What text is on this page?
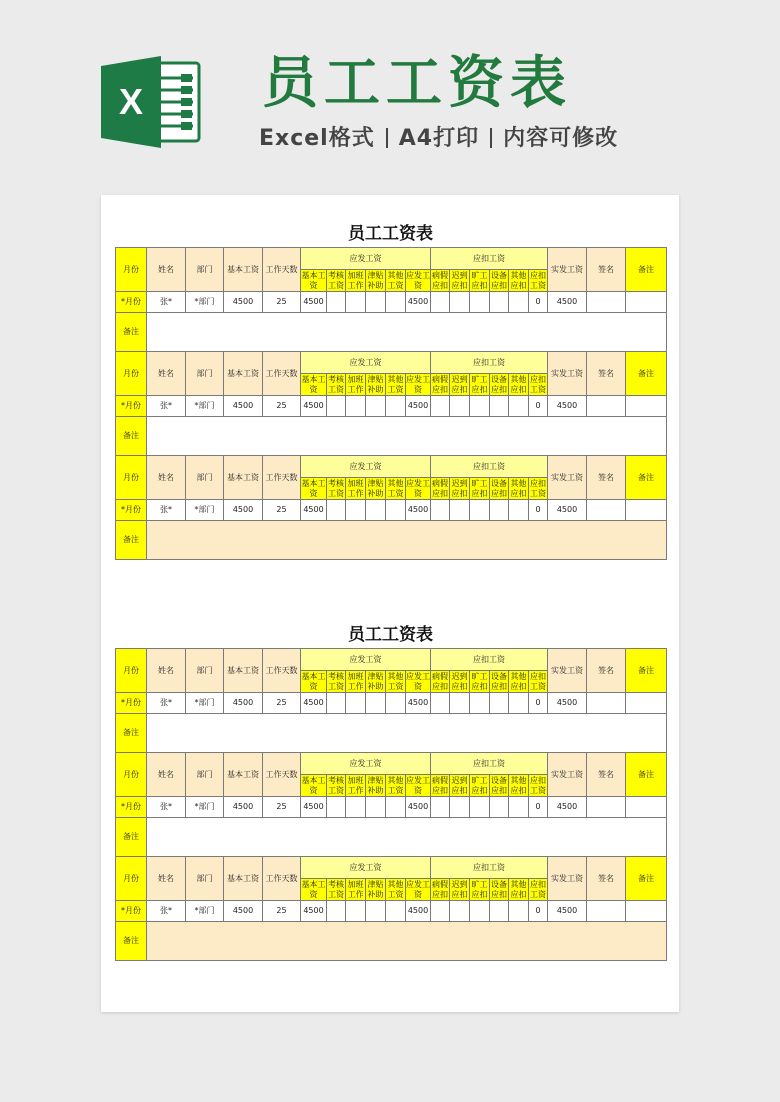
X 员工工资表
Excel格式 A4打印 内容可修改
员工工资表
月份	姓名	部门	基本工资	工作天数	应发工资						应扣工资						实发工资	签名	备注
					基本工资	考核工资	加班工作	津贴补助	其他工资	应发工资	病假应扣	迟到应扣	旷工应扣	设备应扣	其他应扣	应扣工资			
*月份	张*	*部门	4500	25	4500					4500						0	4500		
备注																			
月份	姓名	部门	基本工资	工作天数	应发工资						应扣工资						实发工资	签名	备注
					基本工资	考核工资	加班工作	津贴补助	其他工资	应发工资	病假应扣	迟到应扣	旷工应扣	设备应扣	其他应扣	应扣工资			
*月份	张*	*部门	4500	25	4500					4500						0	4500		
备注																			
月份	姓名	部门	基本工资	工作天数	应发工资						应扣工资						实发工资	签名	备注
					基本工资	考核工资	加班工作	津贴补助	其他工资	应发工资	病假应扣	迟到应扣	旷工应扣	设备应扣	其他应扣	应扣工资			
*月份	张*	*部门	4500	25	4500					4500						0	4500		
备注																			
员工工资表
月份	姓名	部门	基本工资	工作天数	应发工资						应扣工资						实发工资	签名	备注
					基本工资	考核工资	加班工作	津贴补助	其他工资	应发工资	病假应扣	迟到应扣	旷工应扣	设备应扣	其他应扣	应扣工资			
*月份	张*	*部门	4500	25	4500					4500						0	4500		
备注																			
月份	姓名	部门	基本工资	工作天数	应发工资						应扣工资						实发工资	签名	备注
					基本工资	考核工资	加班工作	津贴补助	其他工资	应发工资	病假应扣	迟到应扣	旷工应扣	设备应扣	其他应扣	应扣工资			
*月份	张*	*部门	4500	25	4500					4500						0	4500		
备注																			
月份	姓名	部门	基本工资	工作天数	应发工资						应扣工资						实发工资	签名	备注
					基本工资	考核工资	加班工作	津贴补助	其他工资	应发工资	病假应扣	迟到应扣	旷工应扣	设备应扣	其他应扣	应扣工资			
*月份	张*	*部门	4500	25	4500					4500						0	4500		
备注																			
